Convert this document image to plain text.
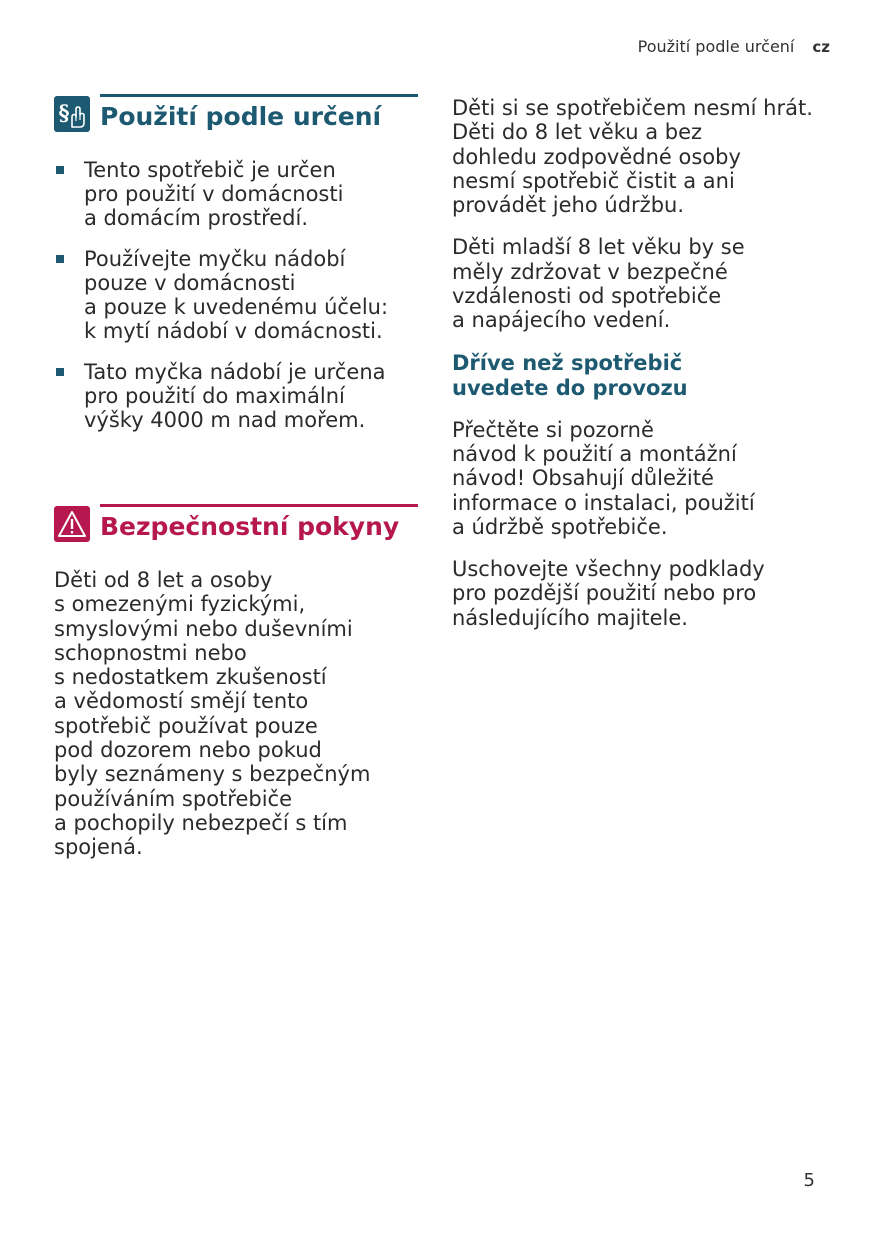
Použití podle určení cz
§ Použití podle určení
Tento spotřebič je určen
pro použití v domácnosti
a domácím prostředí.
Používejte myčku nádobí
pouze v domácnosti
a pouze k uvedenému účelu:
k mytí nádobí v domácnosti.
Tato myčka nádobí je určena
pro použití do maximální
výšky 4000 m nad mořem.
Bezpečnostní pokyny

Děti od 8 let a osoby
s omezenými fyzickými,
smyslovými nebo duševními
schopnostmi nebo
s nedostatkem zkušeností
a vědomostí smějí tento
spotřebič používat pouze
pod dozorem nebo pokud
byly seznámeny s bezpečným
používáním spotřebiče
a pochopily nebezpečí s tím
spojená.

Děti si se spotřebičem nesmí hrát.
Děti do 8 let věku a bez
dohledu zodpovědné osoby
nesmí spotřebič čistit a ani
provádět jeho údržbu.

Děti mladší 8 let věku by se
měly zdržovat v bezpečné
vzdálenosti od spotřebiče
a napájecího vedení.

Dříve než spotřebič
uvedete do provozu

Přečtěte si pozorně
návod k použití a montážní
návod! Obsahují důležité
informace o instalaci, použití
a údržbě spotřebiče.

Uschovejte všechny podklady
pro pozdější použití nebo pro
následujícího majitele.

5
